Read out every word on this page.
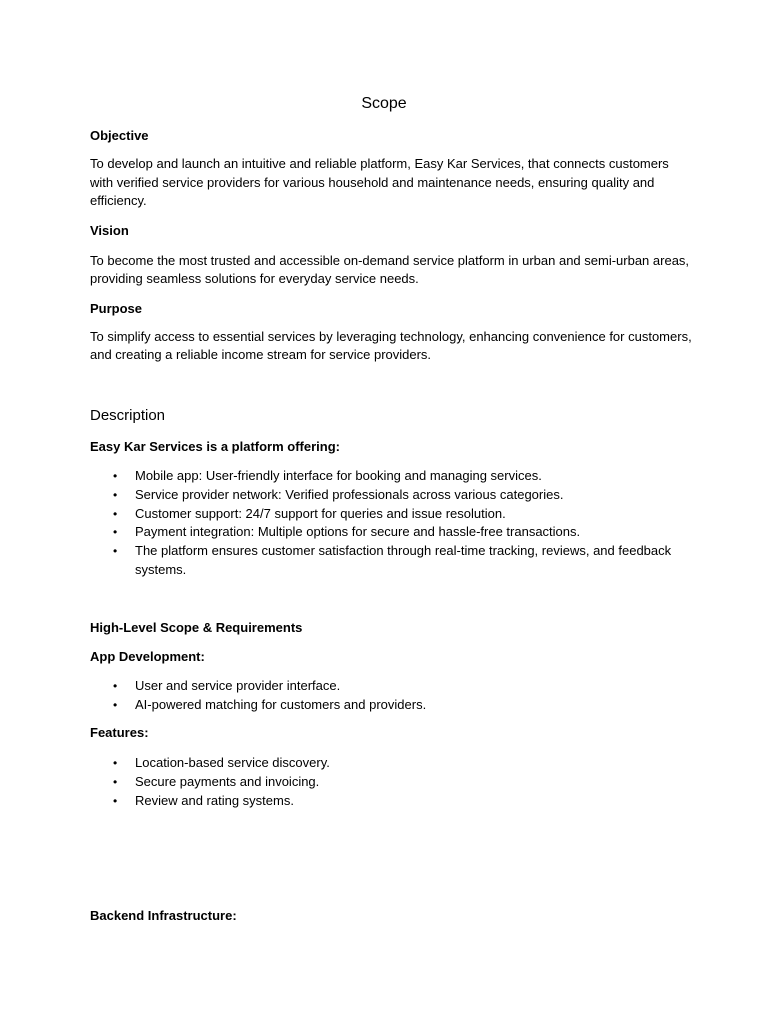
Scope
Objective
To develop and launch an intuitive and reliable platform, Easy Kar Services, that connects customers
with verified service providers for various household and maintenance needs, ensuring quality and
efficiency.
Vision
To become the most trusted and accessible on-demand service platform in urban and semi-urban areas,
providing seamless solutions for everyday service needs.
Purpose
To simplify access to essential services by leveraging technology, enhancing convenience for customers,
and creating a reliable income stream for service providers.
Description
Easy Kar Services is a platform offering:
• Mobile app: User-friendly interface for booking and managing services.
• Service provider network: Verified professionals across various categories.
• Customer support: 24/7 support for queries and issue resolution.
• Payment integration: Multiple options for secure and hassle-free transactions.
• The platform ensures customer satisfaction through real-time tracking, reviews, and feedback
systems.
High-Level Scope & Requirements
App Development:
• User and service provider interface.
• AI-powered matching for customers and providers.
Features:
• Location-based service discovery.
• Secure payments and invoicing.
• Review and rating systems.
Backend Infrastructure:
